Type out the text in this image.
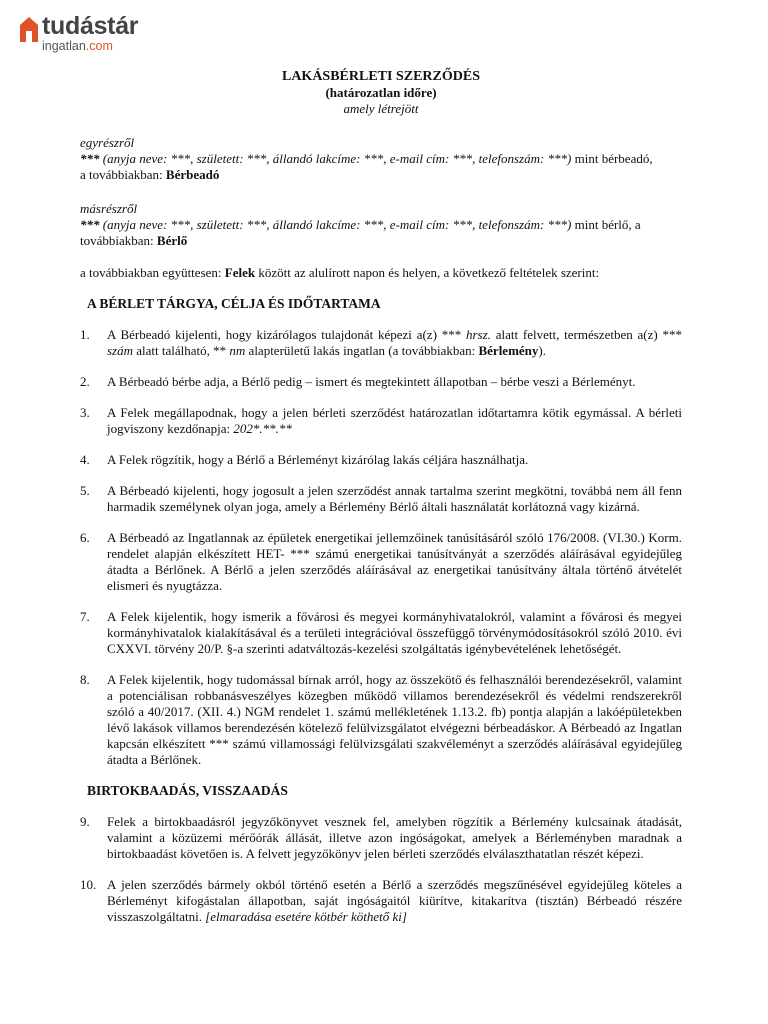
tudástár
ingatlan.com
LAKÁSBÉRLETI SZERZŐDÉS
(határozatlan időre)
amely létrejött

egyrészről

*** (anyja neve: ***, született: ***, állandó lakcíme: ***, e-mail cím: ***, telefonszám: ***) mint bérbeadó,
a továbbiakban: Bérbeadó

másrészről

*** (anyja neve: ***, született: ***, állandó lakcíme: ***, e-mail cím: ***, telefonszám: ***) mint bérlő, a
továbbiakban: Bérlő

a továbbiakban együttesen: Felek között az alulírott napon és helyen, a következő feltételek szerint:

A BÉRLET TÁRGYA, CÉLJA ÉS IDŐTARTAMA
1.	A Bérbeadó kijelenti, hogy kizárólagos tulajdonát képezi a(z) *** hrsz. alatt felvett, természetben a(z) *** szám alatt található, ** nm alapterületű lakás ingatlan (a továbbiakban: Bérlemény).
2.	A Bérbeadó bérbe adja, a Bérlő pedig – ismert és megtekintett állapotban – bérbe veszi a Bérleményt.
3.	A Felek megállapodnak, hogy a jelen bérleti szerződést határozatlan időtartamra kötik egymással. A bérleti jogviszony kezdőnapja: 202*.**.**
4.	A Felek rögzítik, hogy a Bérlő a Bérleményt kizárólag lakás céljára használhatja.
5.	A Bérbeadó kijelenti, hogy jogosult a jelen szerződést annak tartalma szerint megkötni, továbbá nem áll fenn harmadik személynek olyan joga, amely a Bérlemény Bérlő általi használatát korlátozná vagy kizárná.
6.	A Bérbeadó az Ingatlannak az épületek energetikai jellemzőinek tanúsításáról szóló 176/2008. (VI.30.) Korm. rendelet alapján elkészített HET- *** számú energetikai tanúsítványát a szerződés aláírásával egyidejűleg átadta a Bérlőnek. A Bérlő a jelen szerződés aláírásával az energetikai tanúsítvány általa történő átvételét elismeri és nyugtázza.
7.	A Felek kijelentik, hogy ismerik a fővárosi és megyei kormányhivatalokról, valamint a fővárosi és megyei kormányhivatalok kialakításával és a területi integrációval összefüggő törvénymódosításokról szóló 2010. évi CXXVI. törvény 20/P. §-a szerinti adatváltozás-kezelési szolgáltatás igénybevételének lehetőségét.
8.	A Felek kijelentik, hogy tudomással bírnak arról, hogy az összekötő és felhasználói berendezésekről, valamint a potenciálisan robbanásveszélyes közegben működő villamos berendezésekről és védelmi rendszerekről szóló a 40/2017. (XII. 4.) NGM rendelet 1. számú mellékletének 1.13.2. fb) pontja alapján a lakóépületekben lévő lakások villamos berendezésén kötelező felülvizsgálatot elvégezni bérbeadáskor. A Bérbeadó az Ingatlan kapcsán elkészített *** számú villamossági felülvizsgálati szakvéleményt a szerződés aláírásával egyidejűleg átadta a Bérlőnek.
BIRTOKBAADÁS, VISSZAADÁS
9.	Felek a birtokbaadásról jegyzőkönyvet vesznek fel, amelyben rögzítik a Bérlemény kulcsainak átadását, valamint a közüzemi mérőórák állását, illetve azon ingóságokat, amelyek a Bérleményben maradnak a birtokbaadást követően is. A felvett jegyzőkönyv jelen bérleti szerződés elválaszthatatlan részét képezi.
10. A jelen szerződés bármely okból történő esetén a Bérlő a szerződés megszűnésével egyidejűleg köteles a Bérleményt kifogástalan állapotban, saját ingóságaitól kiürítve, kitakarítva (tisztán) Bérbeadó részére visszaszolgáltatni. [elmaradása esetére kötbér köthető ki]
